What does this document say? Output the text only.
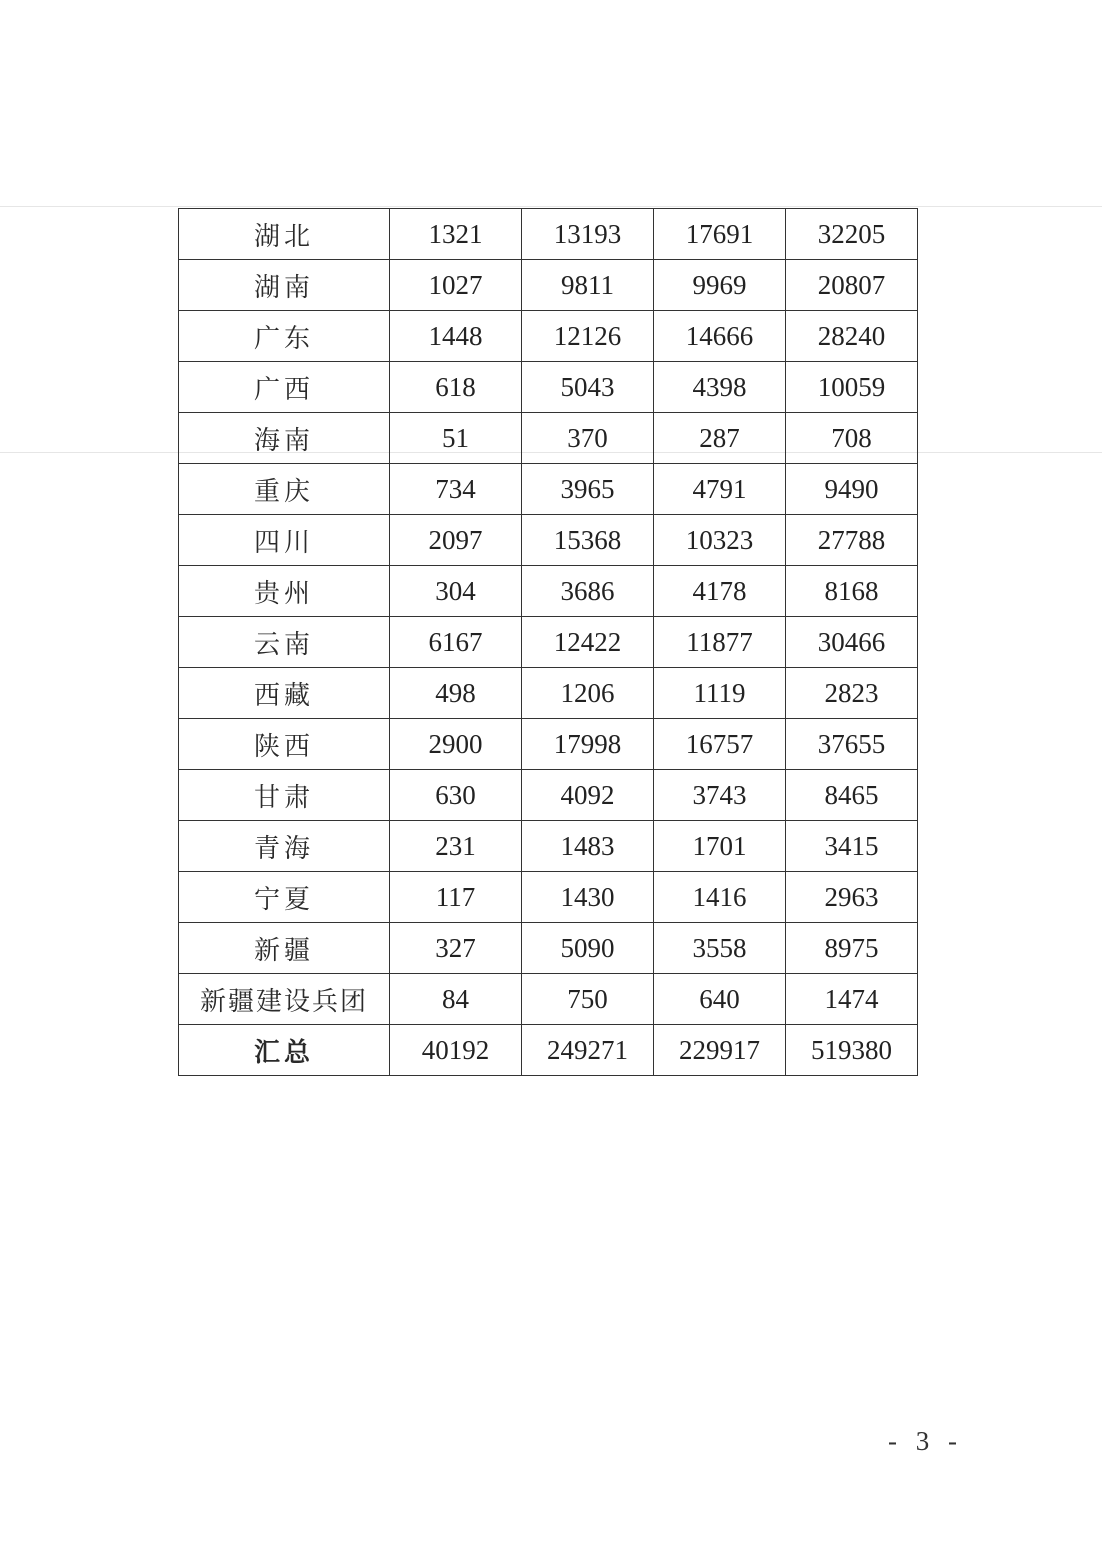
湖北	1321	13193	17691	32205
湖南	1027	9811	9969	20807
广东	1448	12126	14666	28240
广西	618	5043	4398	10059
海南	51	370	287	708
重庆	734	3965	4791	9490
四川	2097	15368	10323	27788
贵州	304	3686	4178	8168
云南	6167	12422	11877	30466
西藏	498	1206	1119	2823
陕西	2900	17998	16757	37655
甘肃	630	4092	3743	8465
青海	231	1483	1701	3415
宁夏	117	1430	1416	2963
新疆	327	5090	3558	8975
新疆建设兵团	84	750	640	1474
汇总	40192	249271	229917	519380
- 3 -
